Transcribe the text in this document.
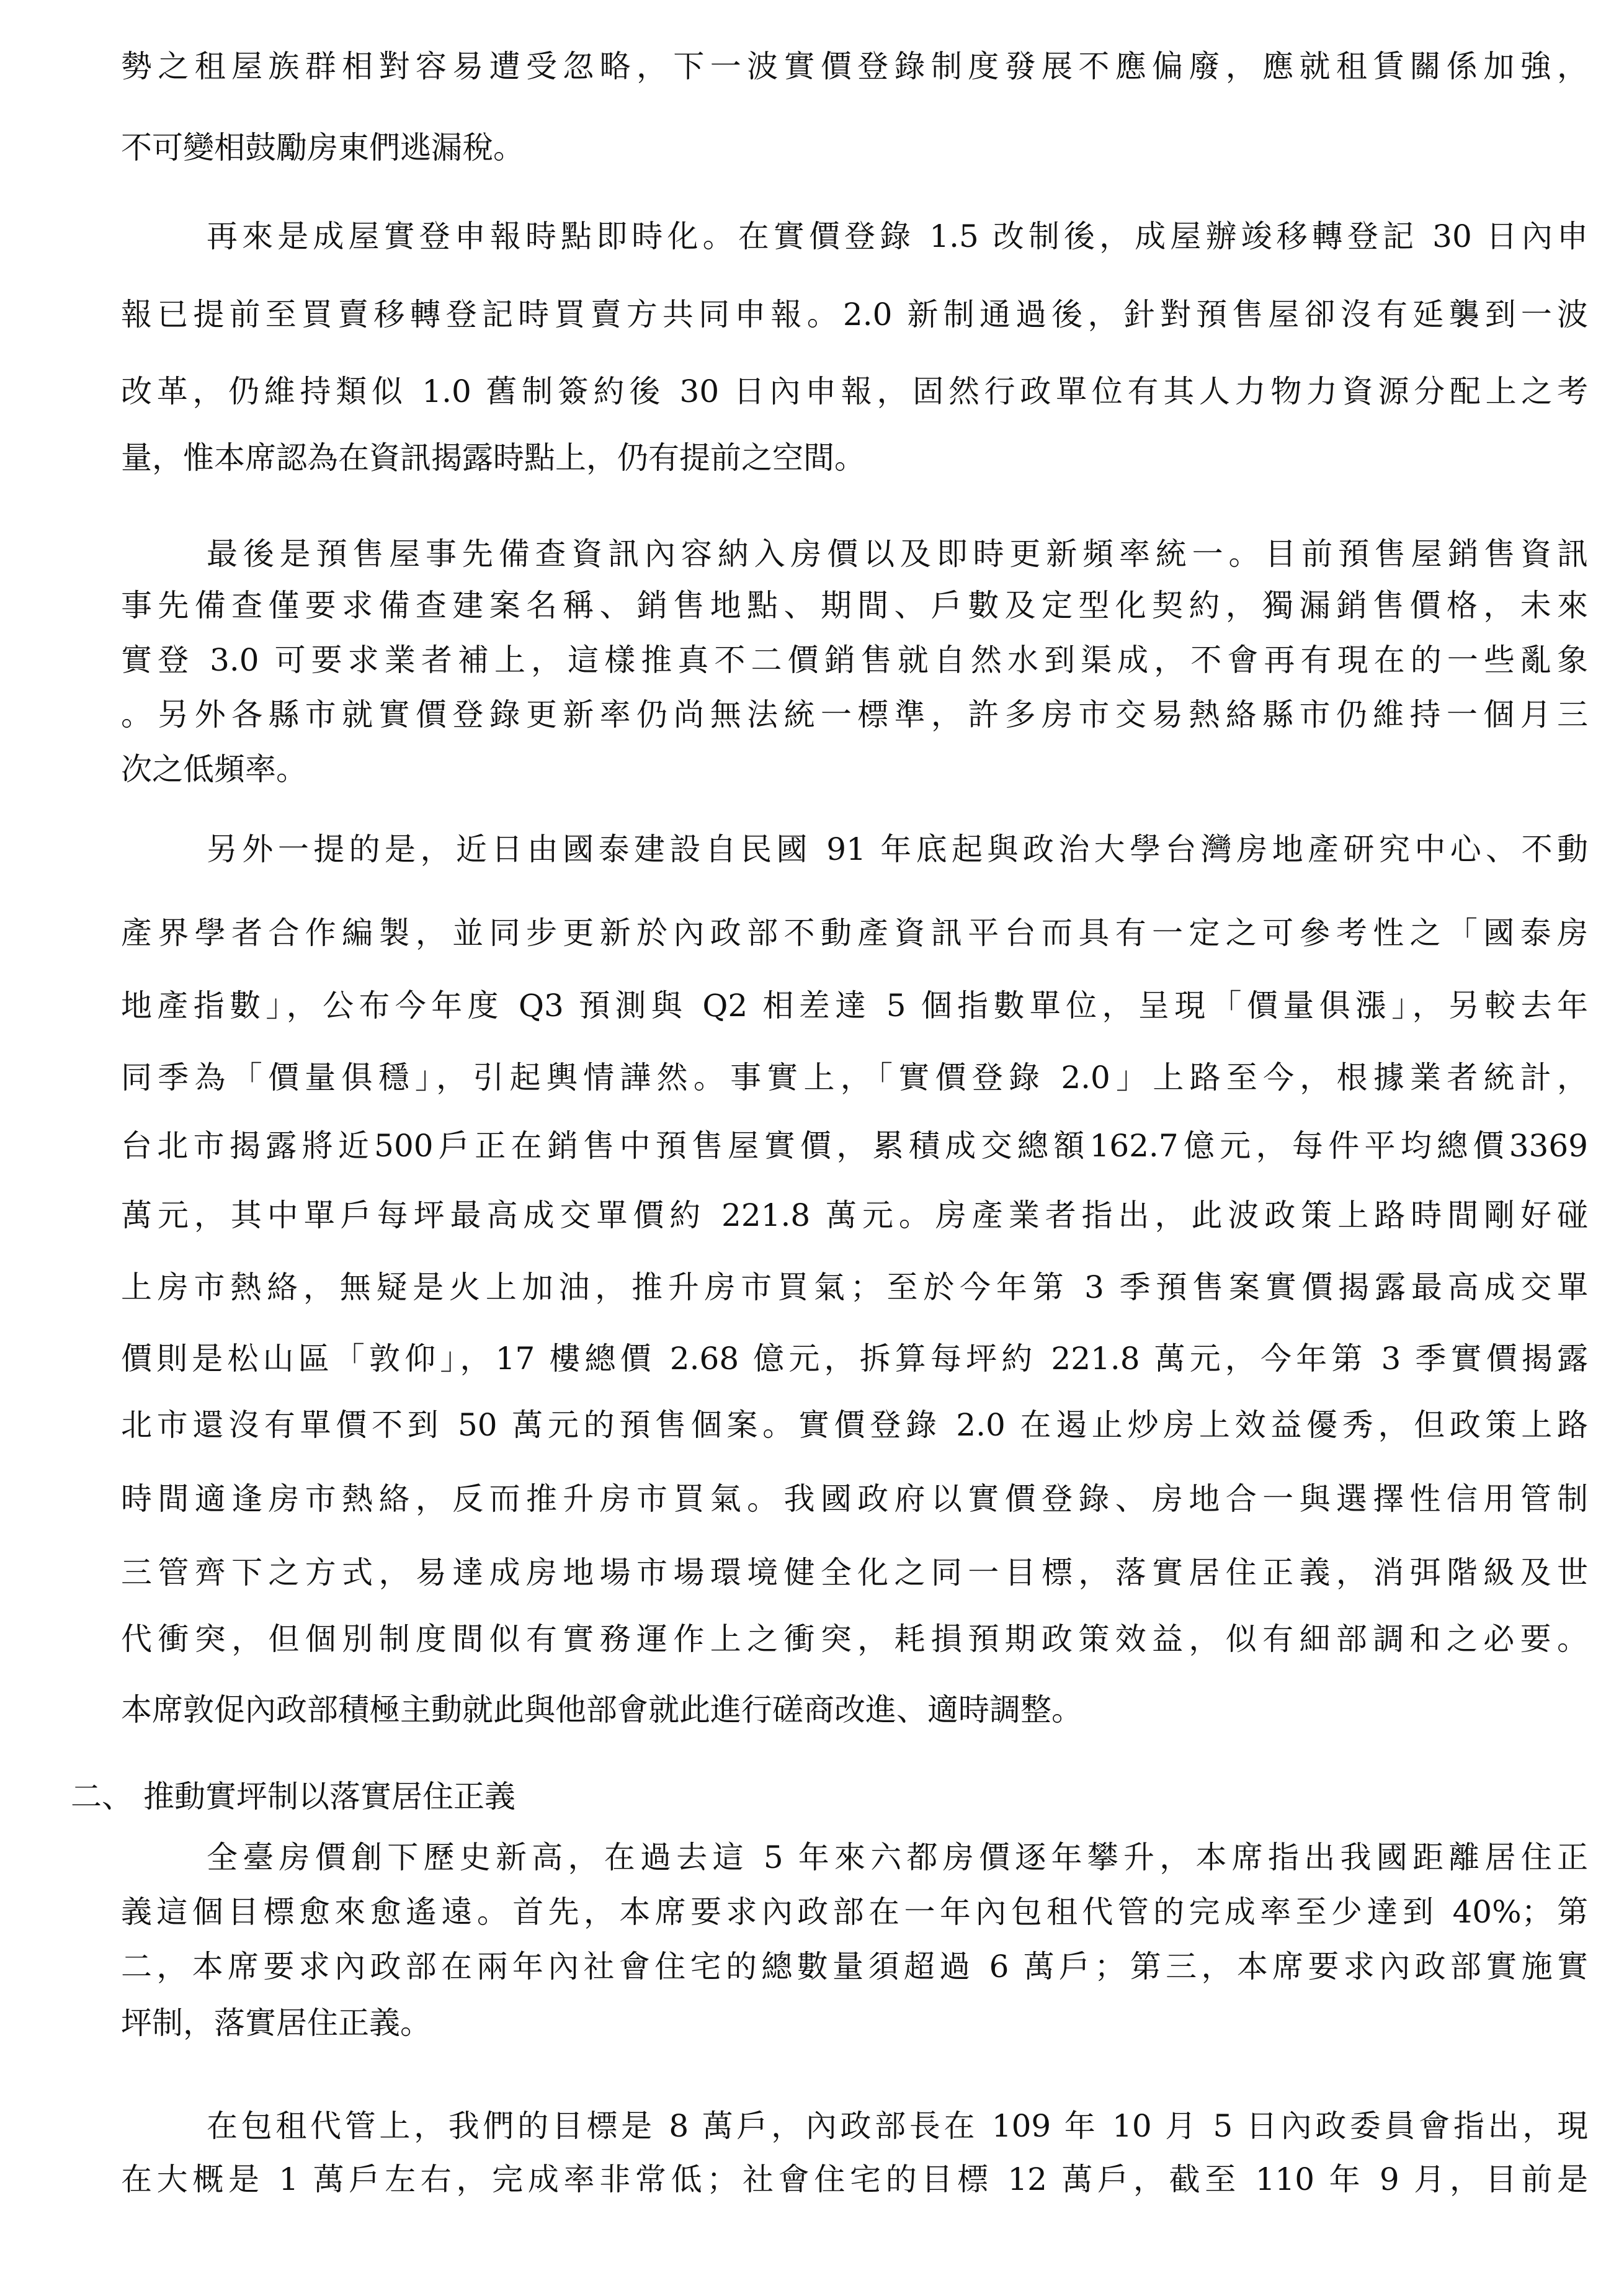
勢之租屋族群相對容易遭受忽略，下一波實價登錄制度發展不應偏廢，應就租賃關係加強，
不可變相鼓勵房東們逃漏稅。
再來是成屋實登申報時點即時化。在實價登錄 1.5 改制後，成屋辦竣移轉登記 30 日內申
報已提前至買賣移轉登記時買賣方共同申報。2.0 新制通過後，針對預售屋卻沒有延襲到一波
改革，仍維持類似 1.0 舊制簽約後 30 日內申報，固然行政單位有其人力物力資源分配上之考
量，惟本席認為在資訊揭露時點上，仍有提前之空間。
最後是預售屋事先備查資訊內容納入房價以及即時更新頻率統一。目前預售屋銷售資訊
事先備查僅要求備查建案名稱、銷售地點、期間、戶數及定型化契約，獨漏銷售價格，未來
實登 3.0 可要求業者補上，這樣推真不二價銷售就自然水到渠成，不會再有現在的一些亂象
。另外各縣市就實價登錄更新率仍尚無法統一標準，許多房市交易熱絡縣市仍維持一個月三
次之低頻率。
另外一提的是，近日由國泰建設自民國 91 年底起與政治大學台灣房地產研究中心、不動
產界學者合作編製，並同步更新於內政部不動產資訊平台而具有一定之可參考性之「國泰房
地產指數」，公布今年度 Q3 預測與 Q2 相差達 5 個指數單位，呈現「價量俱漲」，另較去年
同季為「價量俱穩」，引起輿情譁然。事實上，「實價登錄 2.0」上路至今，根據業者統計，
台北市揭露將近500戶正在銷售中預售屋實價，累積成交總額162.7億元，每件平均總價3369
萬元，其中單戶每坪最高成交單價約 221.8 萬元。房產業者指出，此波政策上路時間剛好碰
上房市熱絡，無疑是火上加油，推升房市買氣；至於今年第 3 季預售案實價揭露最高成交單
價則是松山區「敦仰」，17 樓總價 2.68 億元，拆算每坪約 221.8 萬元，今年第 3 季實價揭露
北市還沒有單價不到 50 萬元的預售個案。實價登錄 2.0 在遏止炒房上效益優秀，但政策上路
時間適逢房市熱絡，反而推升房市買氣。我國政府以實價登錄、房地合一與選擇性信用管制
三管齊下之方式，易達成房地場市場環境健全化之同一目標，落實居住正義，消弭階級及世
代衝突，但個別制度間似有實務運作上之衝突，耗損預期政策效益，似有細部調和之必要。
本席敦促內政部積極主動就此與他部會就此進行磋商改進、適時調整。
二、 推動實坪制以落實居住正義
全臺房價創下歷史新高，在過去這 5 年來六都房價逐年攀升，本席指出我國距離居住正
義這個目標愈來愈遙遠。首先，本席要求內政部在一年內包租代管的完成率至少達到 40%；第
二，本席要求內政部在兩年內社會住宅的總數量須超過 6 萬戶；第三，本席要求內政部實施實
坪制，落實居住正義。
在包租代管上，我們的目標是 8 萬戶，內政部長在 109 年 10 月 5 日內政委員會指出，現
在大概是 1 萬戶左右，完成率非常低；社會住宅的目標 12 萬戶，截至 110 年 9 月，目前是
